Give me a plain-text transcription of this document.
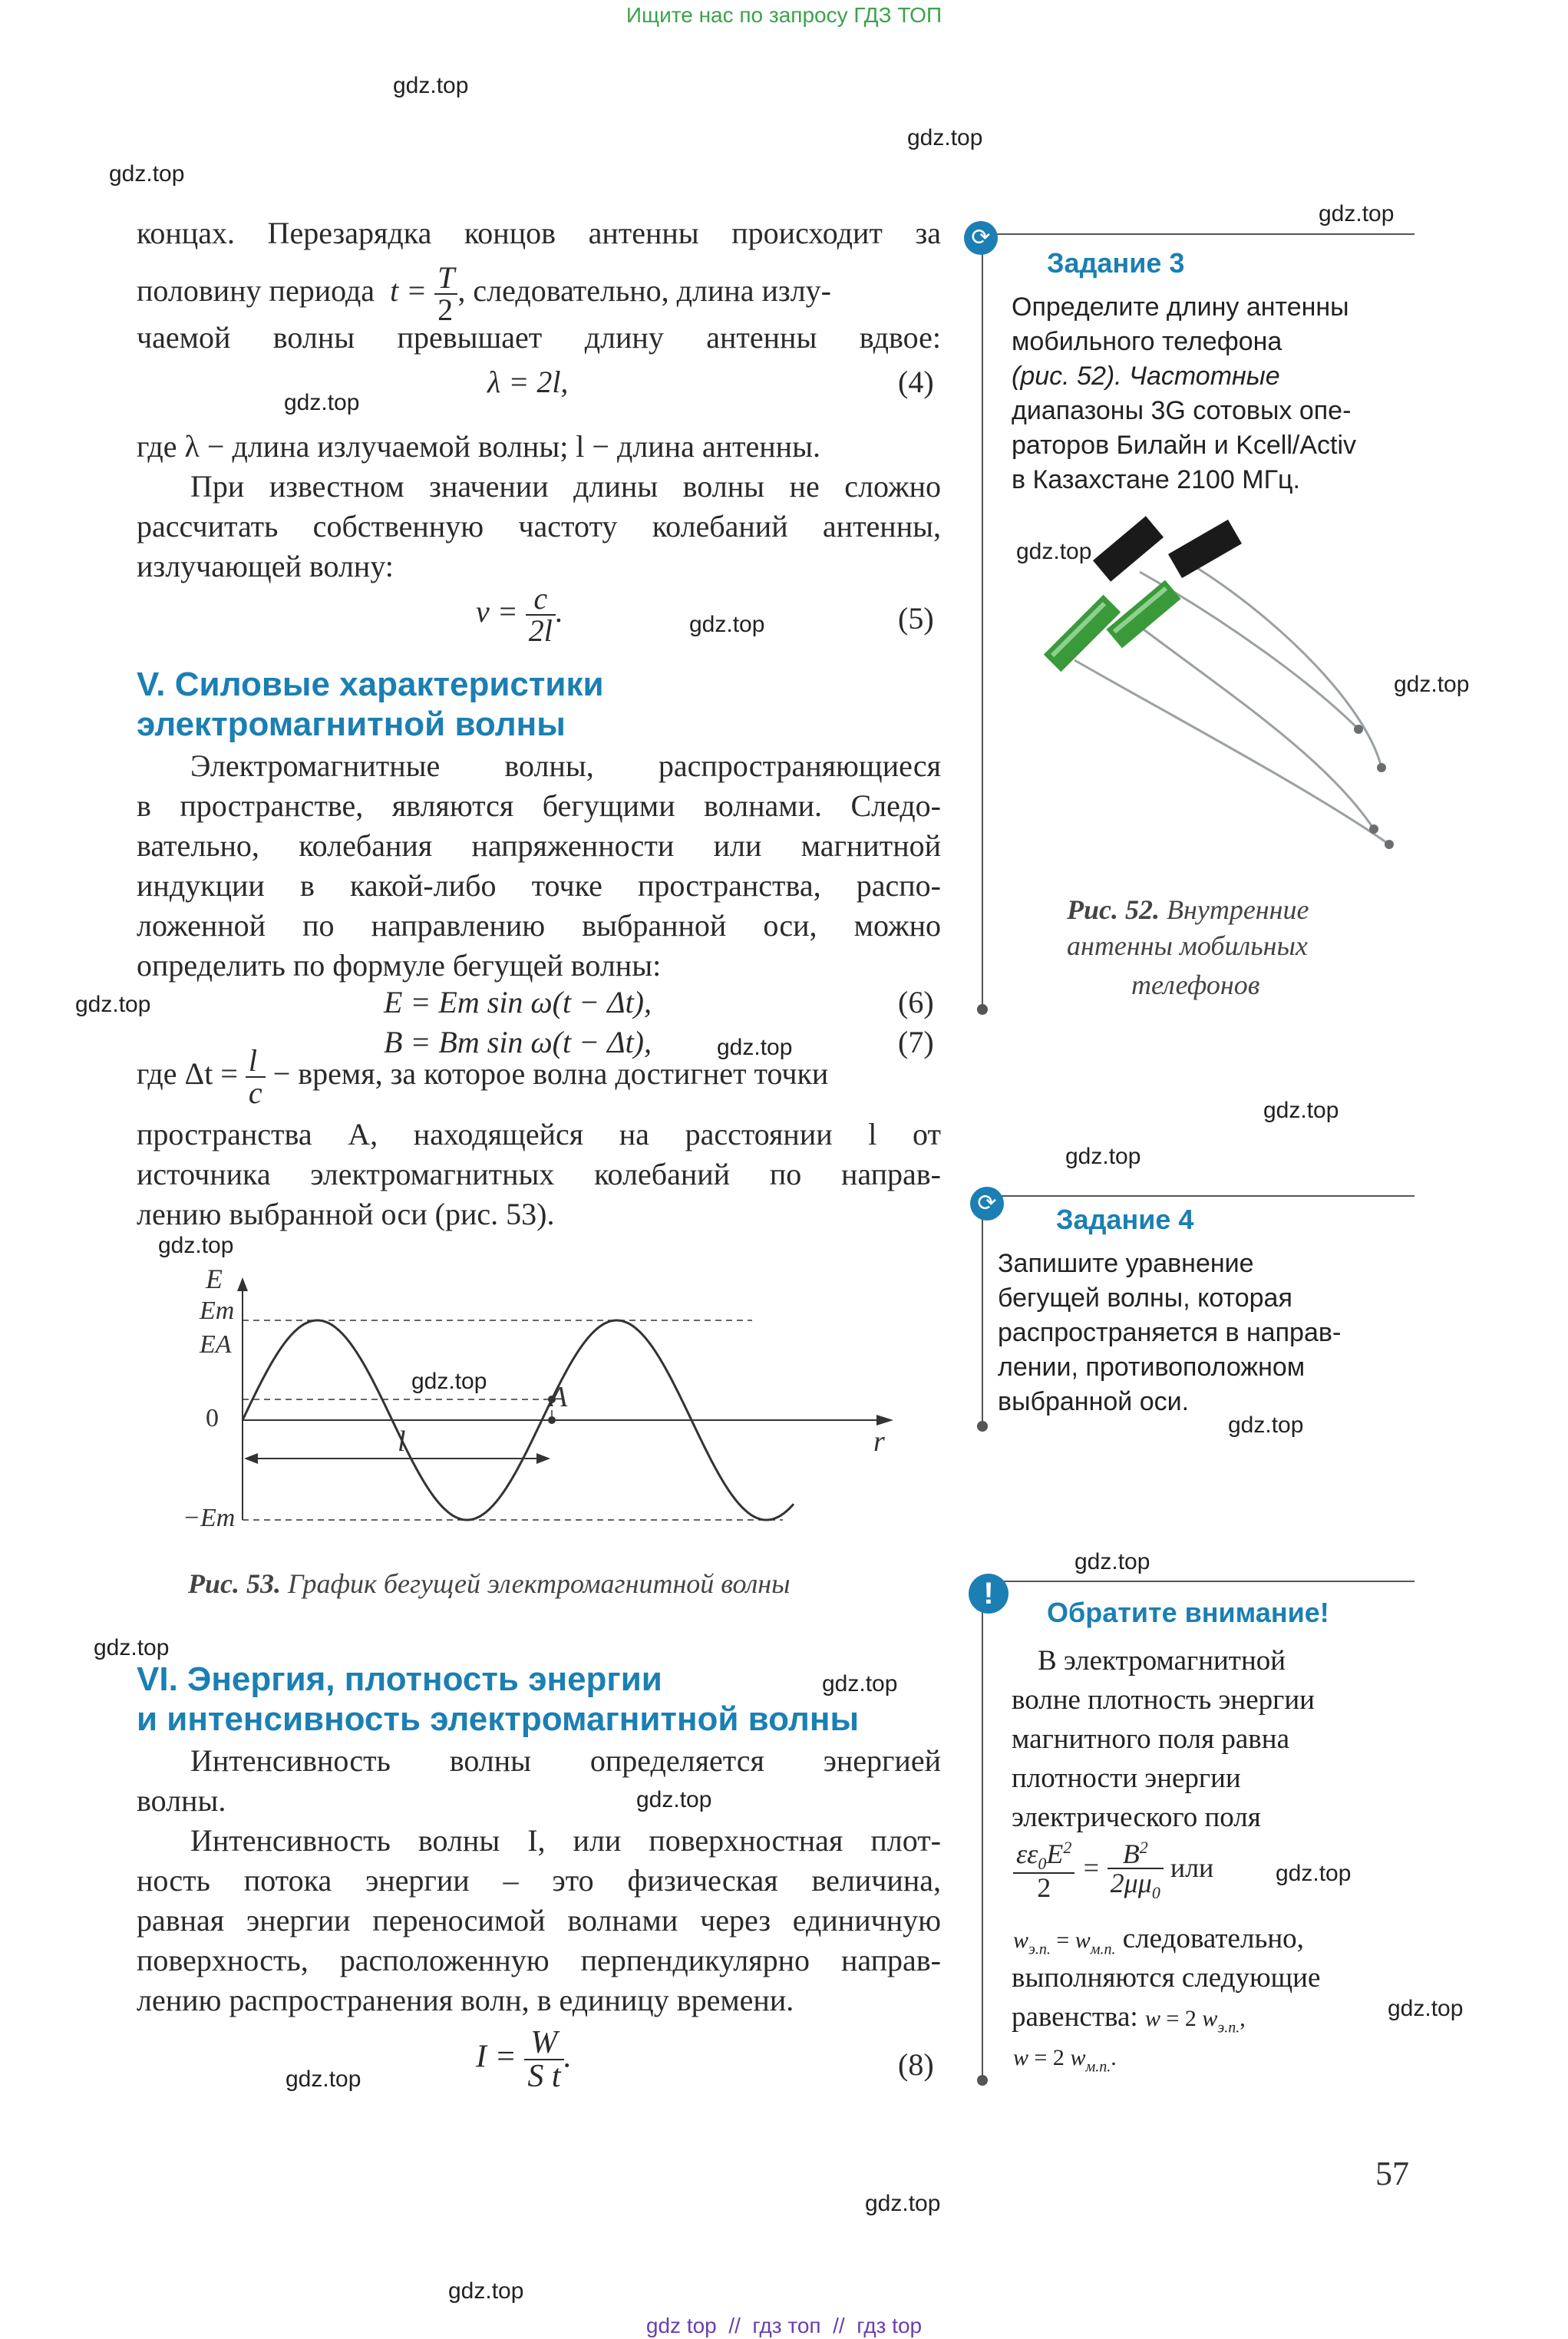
Ищите нас по запросу ГДЗ ТОП
gdz.top
gdz.top
gdz.top
gdz.top
gdz.top
gdz.top
gdz.top
gdz.top
gdz.top
gdz.top
gdz.top
gdz.top
gdz.top
gdz.top
gdz.top
gdz.top
gdz.top
gdz.top
gdz.top
gdz.top
gdz.top
gdz.top
gdz.top
gdz.top
концах. Перезарядка концов антенны происходит за
половину периода  $t = \frac{T}{2}$ , следовательно, длина излу-
чаемой волны превышает длину антенны вдвое:
λ = 2l,	(4)
где λ − длина излучаемой волны; l − длина антенны.
При известном значении длины волны не сложно
рассчитать собственную частоту колебаний антенны,
излучающей волну:
$\nu = \frac{c}{2l}$ .	(5)
V. Силовые характеристики
электромагнитной волны
Электромагнитные волны, распространяющиеся
в пространстве, являются бегущими волнами. Следо-
вательно, колебания напряженности или магнитной
индукции в какой-либо точке пространства, распо-
ложенной по направлению выбранной оси, можно
определить по формуле бегущей волны:
E = Em sin ω(t − Δt),	(6)
B = Bm sin ω(t − Δt),	(7)
где $\Delta t = \frac{l}{c}$ − время, за которое волна достигнет точки
пространства A, находящейся на расстоянии l от
источника электромагнитных колебаний по направ-
лению выбранной оси (рис. 53).
E
Em
EA
0
−Em
A
l	r
Рис. 53. График бегущей электромагнитной волны
VI. Энергия, плотность энергии
и интенсивность электромагнитной волны
Интенсивность волны определяется энергией
волны.
Интенсивность волны I, или поверхностная плот-
ность потока энергии – это физическая величина,
равная энергии переносимой волнами через единичную
поверхность, расположенную перпендикулярно направ-
лению распространения волн, в единицу времени.
$I = \frac{W}{\text{S t}}$ .	(8)
57
⟳
Задание 3
Определите длину антенны
мобильного телефона
(рис. 52). Частотные
диапазоны 3G сотовых опе-
раторов Билайн и Kcell/Activ
в Казахстане 2100 МГц.
Рис. 52. Внутренние
антенны мобильных
телефонов
⟳
Задание 4
Запишите уравнение
бегущей волны, которая
распространяется в направ-
лении, противоположном
выбранной оси.
!
Обратите внимание!
В электромагнитной
волне плотность энергии
магнитного поля равна
плотности энергии
электрического поля
$\frac{\varepsilon\varepsilon_0E^2}{2} = \frac{B^2}{2\mu\mu_0}$ или
$w_{э.п.} = w_{м.п.}$ следовательно,
выполняются следующие
равенства: w = 2 $w_{э.п.}$,
w = 2 $w_{м.п.}$.
gdz top  //  гдз топ  //  гдз top
